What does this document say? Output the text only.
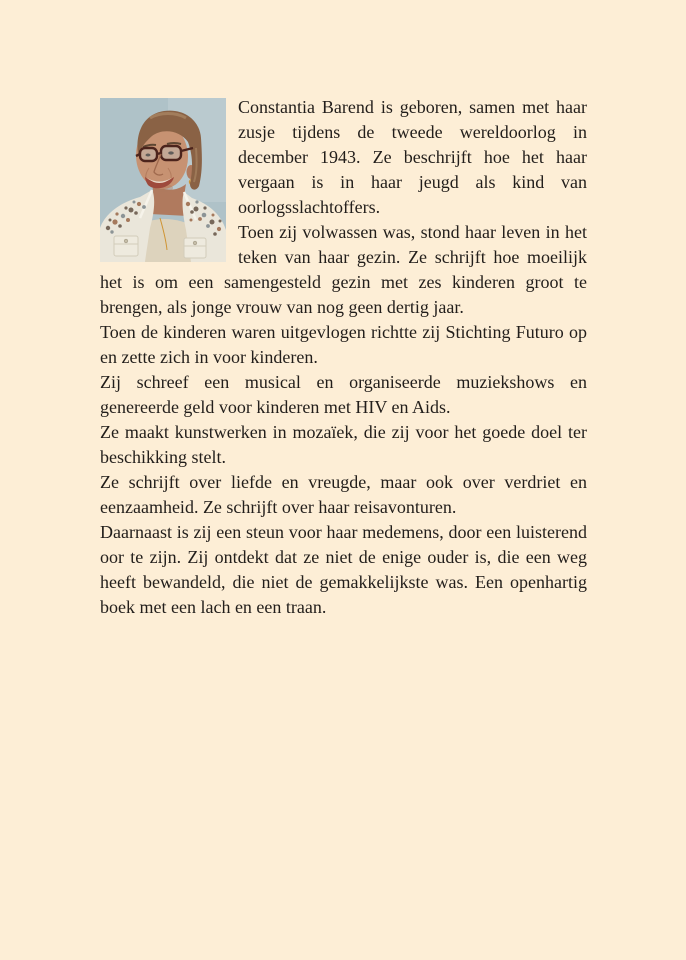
Constantia Barend is geboren, samen met haar zusje tijdens de tweede wereldoorlog in december 1943. Ze beschrijft hoe het haar vergaan is in haar jeugd als kind van oorlogsslachtoffers.

Toen zij volwassen was, stond haar leven in het teken van haar gezin. Ze schrijft hoe moeilijk het is om een samengesteld gezin met zes kinderen groot te brengen, als jonge vrouw van nog geen dertig jaar.

Toen de kinderen waren uitgevlogen richtte zij Stichting Futuro op en zette zich in voor kinderen.

Zij schreef een musical en organiseerde muziekshows en genereerde geld voor kinderen met HIV en Aids.

Ze maakt kunstwerken in mozaïek, die zij voor het goede doel ter beschikking stelt.

Ze schrijft over liefde en vreugde, maar ook over verdriet en eenzaamheid. Ze schrijft over haar reisavonturen.

Daarnaast is zij een steun voor haar medemens, door een luisterend oor te zijn. Zij ontdekt dat ze niet de enige ouder is, die een weg heeft bewandeld, die niet de gemakkelijkste was. Een openhartig boek met een lach en een traan.
